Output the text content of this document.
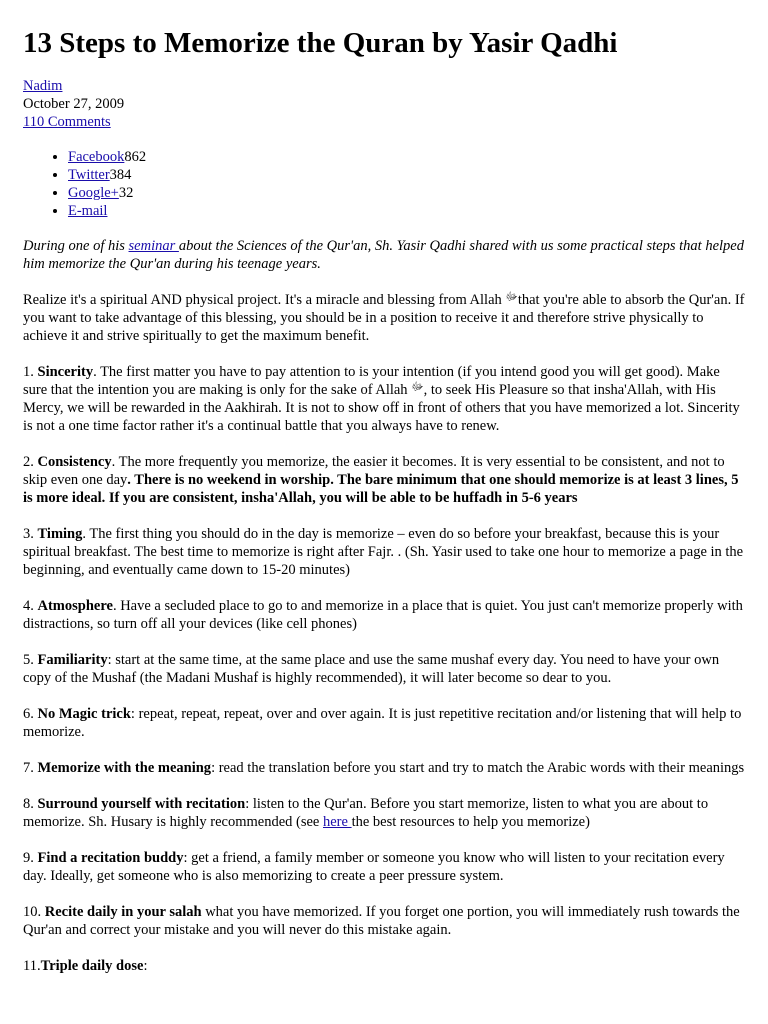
13 Steps to Memorize the Quran by Yasir Qadhi
Nadim
October 27, 2009
110 Comments
• Facebook862
• Twitter384
• Google+32
• E-mail

During one of his seminar about the Sciences of the Qur'an, Sh. Yasir Qadhi shared with us some practical steps that helped him memorize the Qur'an during his teenage years.

Realize it's a spiritual AND physical project. It's a miracle and blessing from Allah ﷻthat you're able to absorb the Qur'an. If you want to take advantage of this blessing, you should be in a position to receive it and therefore strive physically to achieve it and strive spiritually to get the maximum benefit.

1. Sincerity. The first matter you have to pay attention to is your intention (if you intend good you will get good). Make sure that the intention you are making is only for the sake of Allah ﷻ, to seek His Pleasure so that insha'Allah, with His Mercy, we will be rewarded in the Aakhirah. It is not to show off in front of others that you have memorized a lot. Sincerity is not a one time factor rather it's a continual battle that you always have to renew.

2. Consistency. The more frequently you memorize, the easier it becomes. It is very essential to be consistent, and not to skip even one day. There is no weekend in worship. The bare minimum that one should memorize is at least 3 lines, 5 is more ideal. If you are consistent, insha'Allah, you will be able to be huffadh in 5-6 years

3. Timing. The first thing you should do in the day is memorize – even do so before your breakfast, because this is your spiritual breakfast. The best time to memorize is right after Fajr. . (Sh. Yasir used to take one hour to memorize a page in the beginning, and eventually came down to 15-20 minutes)

4. Atmosphere. Have a secluded place to go to and memorize in a place that is quiet. You just can't memorize properly with distractions, so turn off all your devices (like cell phones)

5. Familiarity: start at the same time, at the same place and use the same mushaf every day. You need to have your own copy of the Mushaf (the Madani Mushaf is highly recommended), it will later become so dear to you.

6. No Magic trick: repeat, repeat, repeat, over and over again. It is just repetitive recitation and/or listening that will help to memorize.

7. Memorize with the meaning: read the translation before you start and try to match the Arabic words with their meanings

8. Surround yourself with recitation: listen to the Qur'an. Before you start memorize, listen to what you are about to memorize. Sh. Husary is highly recommended (see here the best resources to help you memorize)

9. Find a recitation buddy: get a friend, a family member or someone you know who will listen to your recitation every day. Ideally, get someone who is also memorizing to create a peer pressure system.

10. Recite daily in your salah what you have memorized. If you forget one portion, you will immediately rush towards the Qur'an and correct your mistake and you will never do this mistake again.

11.Triple daily dose:
